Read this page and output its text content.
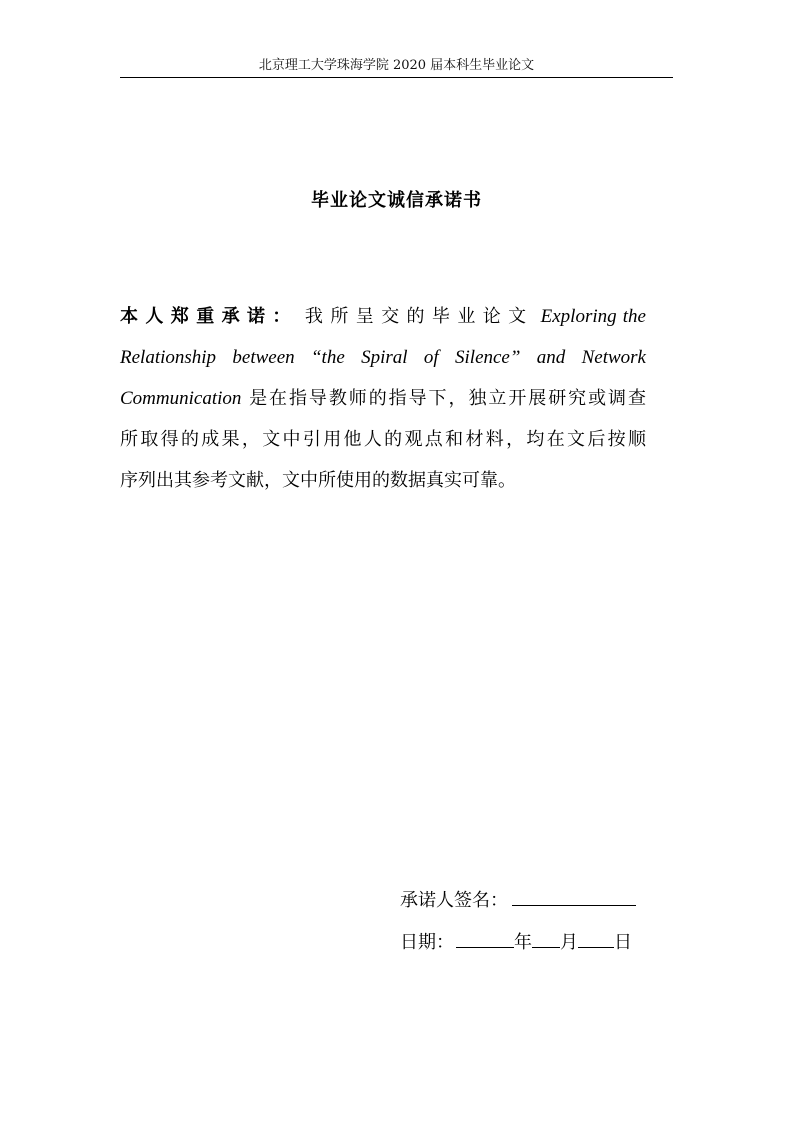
北京理工大学珠海学院 2020 届本科生毕业论文
毕业论文诚信承诺书
本人郑重承诺： 我所呈交的毕业论文 Exploring the
Relationship between “the Spiral of Silence” and Network
Communication 是在指导教师的指导下，独立开展研究或调查
所取得的成果，文中引用他人的观点和材料，均在文后按顺
序列出其参考文献，文中所使用的数据真实可靠。
承诺人签名：
日期：	年 月 日
